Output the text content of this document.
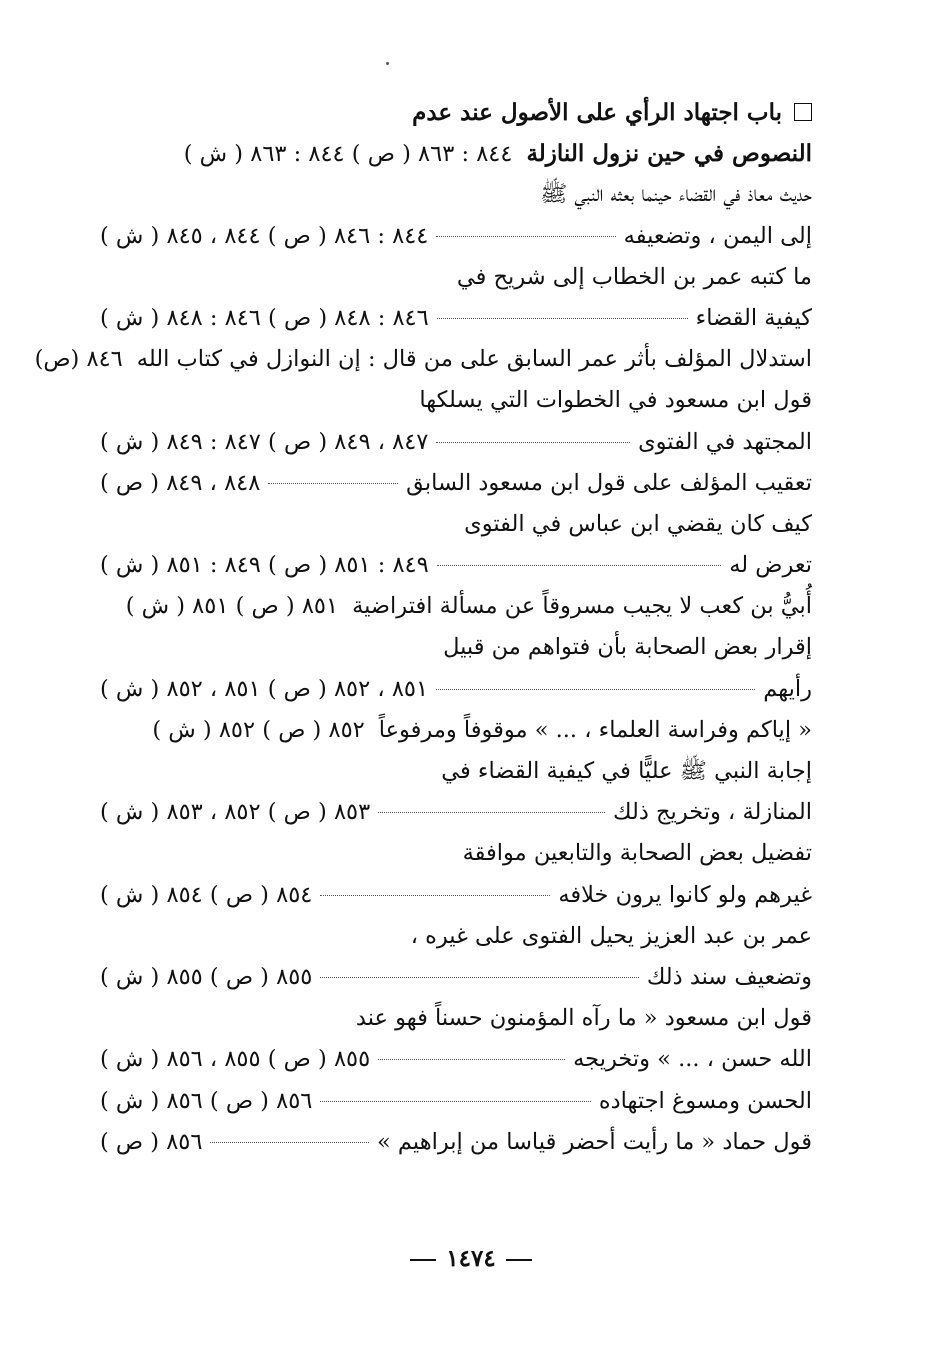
باب اجتهاد الرأي على الأصول عند عدم
النصوص في حين نزول النازلة
٨٤٤ : ٨٦٣ ( ص ) ٨٤٤ : ٨٦٣ ( ش )
حديث معاذ في القضاء حينما بعثه النبي ﷺ
إلى اليمن ، وتضعيفه
٨٤٤ : ٨٤٦ ( ص ) ٨٤٤ ، ٨٤٥ ( ش )
ما كتبه عمر بن الخطاب إلى شريح في
كيفية القضاء
٨٤٦ : ٨٤٨ ( ص ) ٨٤٦ : ٨٤٨ ( ش )
استدلال المؤلف بأثر عمر السابق على من قال : إن النوازل في كتاب الله
٨٤٦ (ص)
قول ابن مسعود في الخطوات التي يسلكها
المجتهد في الفتوى
٨٤٧ ، ٨٤٩ ( ص ) ٨٤٧ : ٨٤٩ ( ش )
تعقيب المؤلف على قول ابن مسعود السابق
٨٤٨ ، ٨٤٩ ( ص )
كيف كان يقضي ابن عباس في الفتوى
تعرض له
٨٤٩ : ٨٥١ ( ص ) ٨٤٩ : ٨٥١ ( ش )
أُبيُّ بن كعب لا يجيب مسروقاً عن مسألة افتراضية
٨٥١ ( ص ) ٨٥١ ( ش )
إقرار بعض الصحابة بأن فتواهم من قبيل
رأيهم
٨٥١ ، ٨٥٢ ( ص ) ٨٥١ ، ٨٥٢ ( ش )
« إياكم وفراسة العلماء ، ... » موقوفاً ومرفوعاً
٨٥٢ ( ص ) ٨٥٢ ( ش )
إجابة النبي ﷺ عليًّا في كيفية القضاء في
المنازلة ، وتخريج ذلك
٨٥٣ ( ص ) ٨٥٢ ، ٨٥٣ ( ش )
تفضيل بعض الصحابة والتابعين موافقة
غيرهم ولو كانوا يرون خلافه
٨٥٤ ( ص ) ٨٥٤ ( ش )
عمر بن عبد العزيز يحيل الفتوى على غيره ،
وتضعيف سند ذلك
٨٥٥ ( ص ) ٨٥٥ ( ش )
قول ابن مسعود « ما رآه المؤمنون حسناً فهو عند
الله حسن ، ... » وتخريجه
٨٥٥ ( ص ) ٨٥٥ ، ٨٥٦ ( ش )
الحسن ومسوغ اجتهاده
٨٥٦ ( ص ) ٨٥٦ ( ش )
قول حماد « ما رأيت أحضر قياسا من إبراهيم »
٨٥٦ ( ص )
١٤٧٤
